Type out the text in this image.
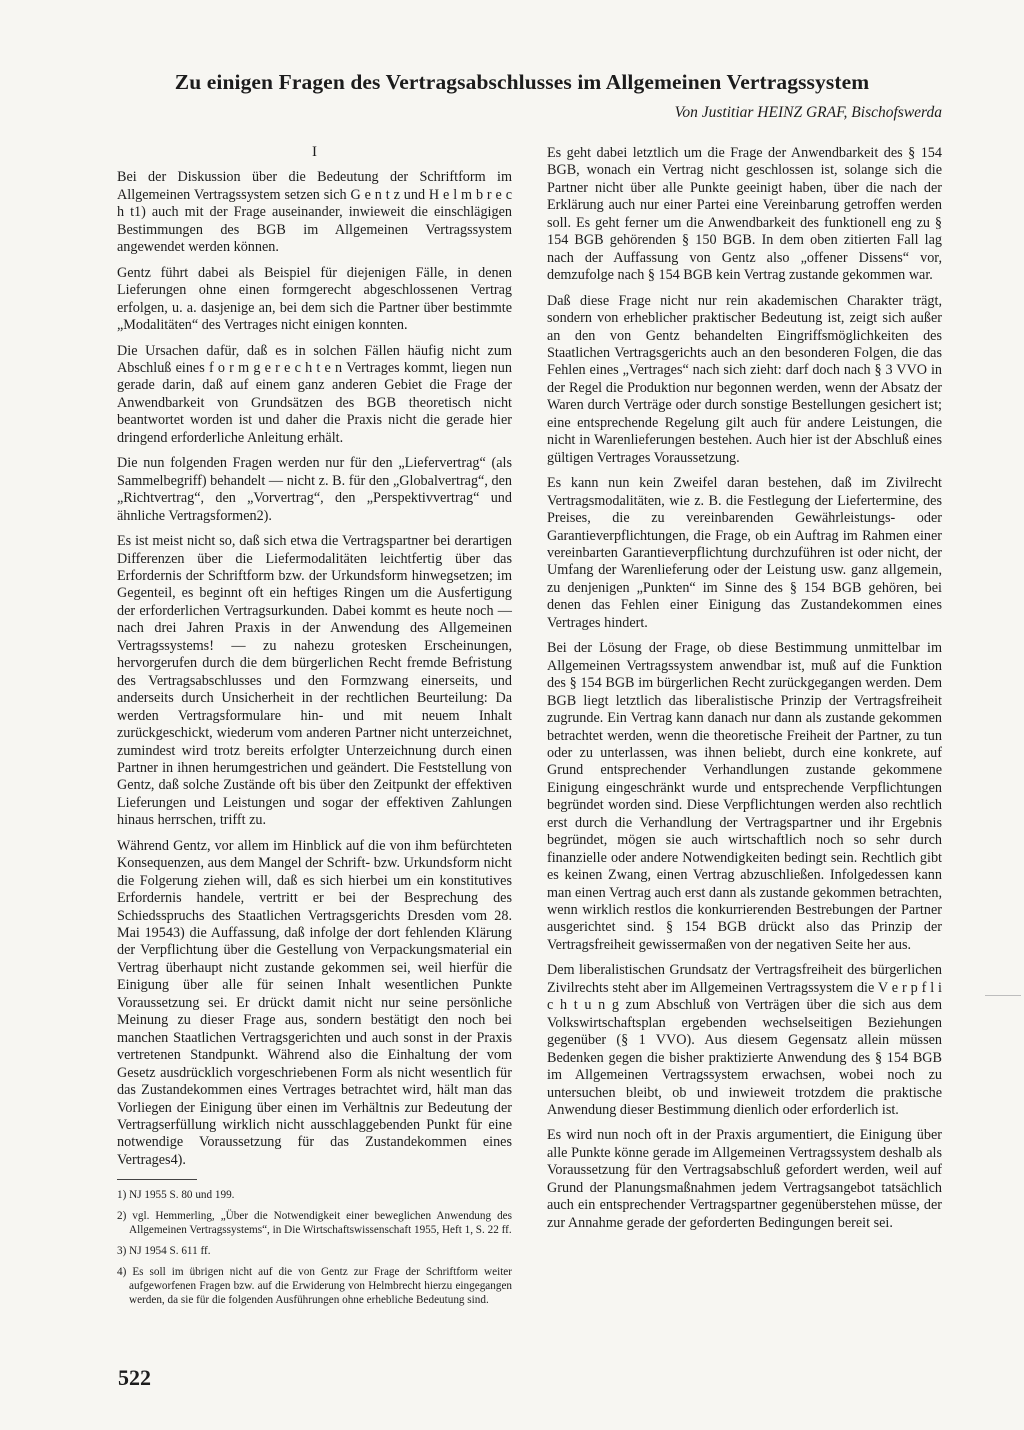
Zu einigen Fragen des Vertragsabschlusses im Allgemeinen Vertragssystem

Von Justitiar HEINZ GRAF, Bischofswerda

I

Bei der Diskussion über die Bedeutung der Schriftform im Allgemeinen Vertragssystem setzen sich G e n t z und H e l m b r e c h t1) auch mit der Frage auseinander, inwieweit die einschlägigen Bestimmungen des BGB im Allgemeinen Vertragssystem angewendet werden können.

Gentz führt dabei als Beispiel für diejenigen Fälle, in denen Lieferungen ohne einen formgerecht abgeschlossenen Vertrag erfolgen, u. a. dasjenige an, bei dem sich die Partner über bestimmte „Modalitäten“ des Vertrages nicht einigen konnten.

Die Ursachen dafür, daß es in solchen Fällen häufig nicht zum Abschluß eines f o r m g e r e c h t e n Vertrages kommt, liegen nun gerade darin, daß auf einem ganz anderen Gebiet die Frage der Anwendbarkeit von Grundsätzen des BGB theoretisch nicht beantwortet worden ist und daher die Praxis nicht die gerade hier dringend erforderliche Anleitung erhält.

Die nun folgenden Fragen werden nur für den „Liefervertrag“ (als Sammelbegriff) behandelt — nicht z. B. für den „Globalvertrag“, den „Richtvertrag“, den „Vorvertrag“, den „Perspektivvertrag“ und ähnliche Vertragsformen2).

Es ist meist nicht so, daß sich etwa die Vertragspartner bei derartigen Differenzen über die Liefermodalitäten leichtfertig über das Erfordernis der Schriftform bzw. der Urkundsform hinwegsetzen; im Gegenteil, es beginnt oft ein heftiges Ringen um die Ausfertigung der erforderlichen Vertragsurkunden. Dabei kommt es heute noch — nach drei Jahren Praxis in der Anwendung des Allgemeinen Vertragssystems! — zu nahezu grotesken Erscheinungen, hervorgerufen durch die dem bürgerlichen Recht fremde Befristung des Vertragsabschlusses und den Formzwang einerseits, und anderseits durch Unsicherheit in der rechtlichen Beurteilung: Da werden Vertragsformulare hin- und mit neuem Inhalt zurückgeschickt, wiederum vom anderen Partner nicht unterzeichnet, zumindest wird trotz bereits erfolgter Unterzeichnung durch einen Partner in ihnen herumgestrichen und geändert. Die Feststellung von Gentz, daß solche Zustände oft bis über den Zeitpunkt der effektiven Lieferungen und Leistungen und sogar der effektiven Zahlungen hinaus herrschen, trifft zu.

Während Gentz, vor allem im Hinblick auf die von ihm befürchteten Konsequenzen, aus dem Mangel der Schrift- bzw. Urkundsform nicht die Folgerung ziehen will, daß es sich hierbei um ein konstitutives Erfordernis handele, vertritt er bei der Besprechung des Schiedsspruchs des Staatlichen Vertragsgerichts Dresden vom 28. Mai 19543) die Auffassung, daß infolge der dort fehlenden Klärung der Verpflichtung über die Gestellung von Verpackungsmaterial ein Vertrag überhaupt nicht zustande gekommen sei, weil hierfür die Einigung über alle für seinen Inhalt wesentlichen Punkte Voraussetzung sei. Er drückt damit nicht nur seine persönliche Meinung zu dieser Frage aus, sondern bestätigt den noch bei manchen Staatlichen Vertragsgerichten und auch sonst in der Praxis vertretenen Standpunkt. Während also die Einhaltung der vom Gesetz ausdrücklich vorgeschriebenen Form als nicht wesentlich für das Zustandekommen eines Vertrages betrachtet wird, hält man das Vorliegen der Einigung über einen im Verhältnis zur Bedeutung der Vertragserfüllung wirklich nicht ausschlaggebenden Punkt für eine notwendige Voraussetzung für das Zustandekommen eines Vertrages4).

1) NJ 1955 S. 80 und 199.

2) vgl. Hemmerling, „Über die Notwendigkeit einer beweglichen Anwendung des Allgemeinen Vertragssystems“, in Die Wirtschaftswissenschaft 1955, Heft 1, S. 22 ff.

3) NJ 1954 S. 611 ff.

4) Es soll im übrigen nicht auf die von Gentz zur Frage der Schriftform weiter aufgeworfenen Fragen bzw. auf die Erwiderung von Helmbrecht hierzu eingegangen werden, da sie für die folgenden Ausführungen ohne erhebliche Bedeutung sind.

Es geht dabei letztlich um die Frage der Anwendbarkeit des § 154 BGB, wonach ein Vertrag nicht geschlossen ist, solange sich die Partner nicht über alle Punkte geeinigt haben, über die nach der Erklärung auch nur einer Partei eine Vereinbarung getroffen werden soll. Es geht ferner um die Anwendbarkeit des funktionell eng zu § 154 BGB gehörenden § 150 BGB. In dem oben zitierten Fall lag nach der Auffassung von Gentz also „offener Dissens“ vor, demzufolge nach § 154 BGB kein Vertrag zustande gekommen war.

Daß diese Frage nicht nur rein akademischen Charakter trägt, sondern von erheblicher praktischer Bedeutung ist, zeigt sich außer an den von Gentz behandelten Eingriffsmöglichkeiten des Staatlichen Vertragsgerichts auch an den besonderen Folgen, die das Fehlen eines „Vertrages“ nach sich zieht: darf doch nach § 3 VVO in der Regel die Produktion nur begonnen werden, wenn der Absatz der Waren durch Verträge oder durch sonstige Bestellungen gesichert ist; eine entsprechende Regelung gilt auch für andere Leistungen, die nicht in Warenlieferungen bestehen. Auch hier ist der Abschluß eines gültigen Vertrages Voraussetzung.

Es kann nun kein Zweifel daran bestehen, daß im Zivilrecht Vertragsmodalitäten, wie z. B. die Festlegung der Liefertermine, des Preises, die zu vereinbarenden Gewährleistungs- oder Garantieverpflichtungen, die Frage, ob ein Auftrag im Rahmen einer vereinbarten Garantieverpflichtung durchzuführen ist oder nicht, der Umfang der Warenlieferung oder der Leistung usw. ganz allgemein, zu denjenigen „Punkten“ im Sinne des § 154 BGB gehören, bei denen das Fehlen einer Einigung das Zustandekommen eines Vertrages hindert.

Bei der Lösung der Frage, ob diese Bestimmung unmittelbar im Allgemeinen Vertragssystem anwendbar ist, muß auf die Funktion des § 154 BGB im bürgerlichen Recht zurückgegangen werden. Dem BGB liegt letztlich das liberalistische Prinzip der Vertragsfreiheit zugrunde. Ein Vertrag kann danach nur dann als zustande gekommen betrachtet werden, wenn die theoretische Freiheit der Partner, zu tun oder zu unterlassen, was ihnen beliebt, durch eine konkrete, auf Grund entsprechender Verhandlungen zustande gekommene Einigung eingeschränkt wurde und entsprechende Verpflichtungen begründet worden sind. Diese Verpflichtungen werden also rechtlich erst durch die Verhandlung der Vertragspartner und ihr Ergebnis begründet, mögen sie auch wirtschaftlich noch so sehr durch finanzielle oder andere Notwendigkeiten bedingt sein. Rechtlich gibt es keinen Zwang, einen Vertrag abzuschließen. Infolgedessen kann man einen Vertrag auch erst dann als zustande gekommen betrachten, wenn wirklich restlos die konkurrierenden Bestrebungen der Partner ausgerichtet sind. § 154 BGB drückt also das Prinzip der Vertragsfreiheit gewissermaßen von der negativen Seite her aus.

Dem liberalistischen Grundsatz der Vertragsfreiheit des bürgerlichen Zivilrechts steht aber im Allgemeinen Vertragssystem die V e r p f l i c h t u n g zum Abschluß von Verträgen über die sich aus dem Volkswirtschaftsplan ergebenden wechselseitigen Beziehungen gegenüber (§ 1 VVO). Aus diesem Gegensatz allein müssen Bedenken gegen die bisher praktizierte Anwendung des § 154 BGB im Allgemeinen Vertragssystem erwachsen, wobei noch zu untersuchen bleibt, ob und inwieweit trotzdem die praktische Anwendung dieser Bestimmung dienlich oder erforderlich ist.

Es wird nun noch oft in der Praxis argumentiert, die Einigung über alle Punkte könne gerade im Allgemeinen Vertragssystem deshalb als Voraussetzung für den Vertragsabschluß gefordert werden, weil auf Grund der Planungsmaßnahmen jedem Vertragsangebot tatsächlich auch ein entsprechender Vertragspartner gegenüberstehen müsse, der zur Annahme gerade der geforderten Bedingungen bereit sei.

522
